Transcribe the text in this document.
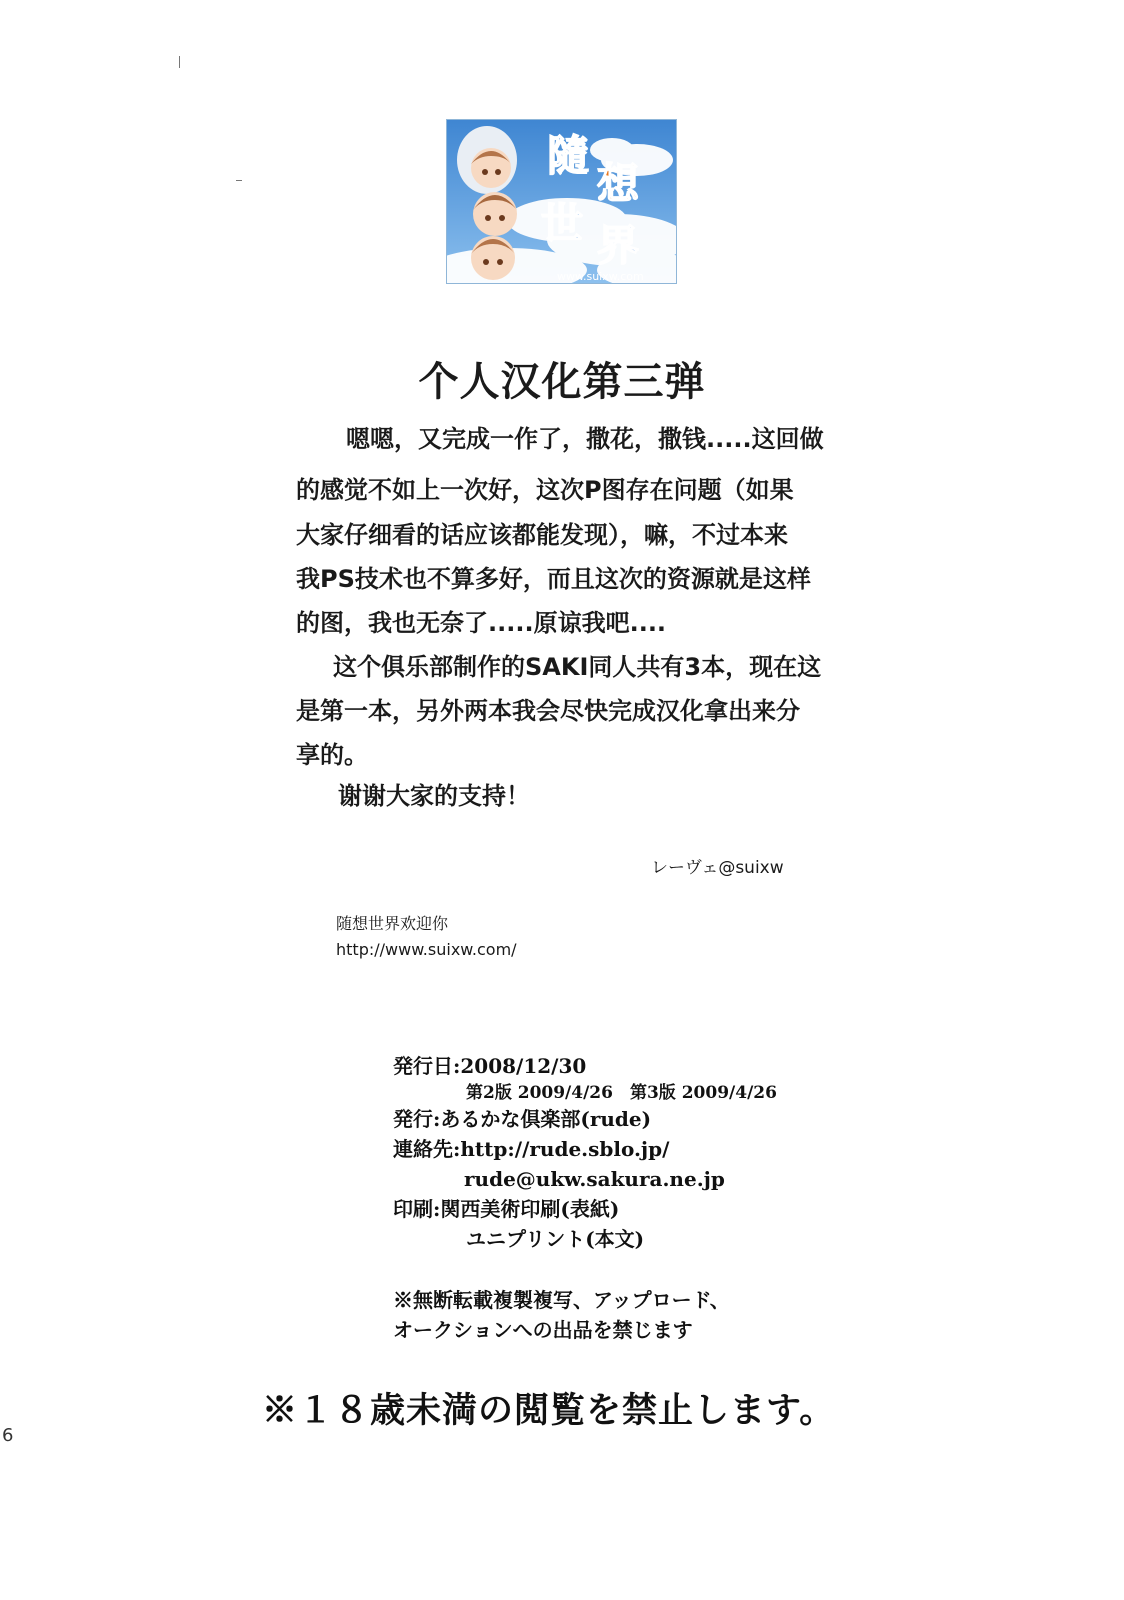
隨
想
世 界
www.suixw.com
个人汉化第三弹
嗯嗯，又完成一作了，撒花，撒钱.....这回做
的感觉不如上一次好，这次P图存在问题（如果
大家仔细看的话应该都能发现），嘛，不过本来
我PS技术也不算多好，而且这次的资源就是这样
的图，我也无奈了.....原谅我吧....
这个俱乐部制作的SAKI同人共有3本，现在这
是第一本，另外两本我会尽快完成汉化拿出来分
享的。
谢谢大家的支持！
レーヴェ@suixw
随想世界欢迎你
http://www.suixw.com/
発行日:2008/12/30
第2版 2009/4/26　第3版 2009/4/26
発行:あるかな倶楽部(rude)
連絡先:http://rude.sblo.jp/
rude@ukw.sakura.ne.jp
印刷:関西美術印刷(表紙)
ユニプリント(本文)
※無断転載複製複写、アップロード、
オークションへの出品を禁じます
※１８歳未満の閲覧を禁止します。
6
